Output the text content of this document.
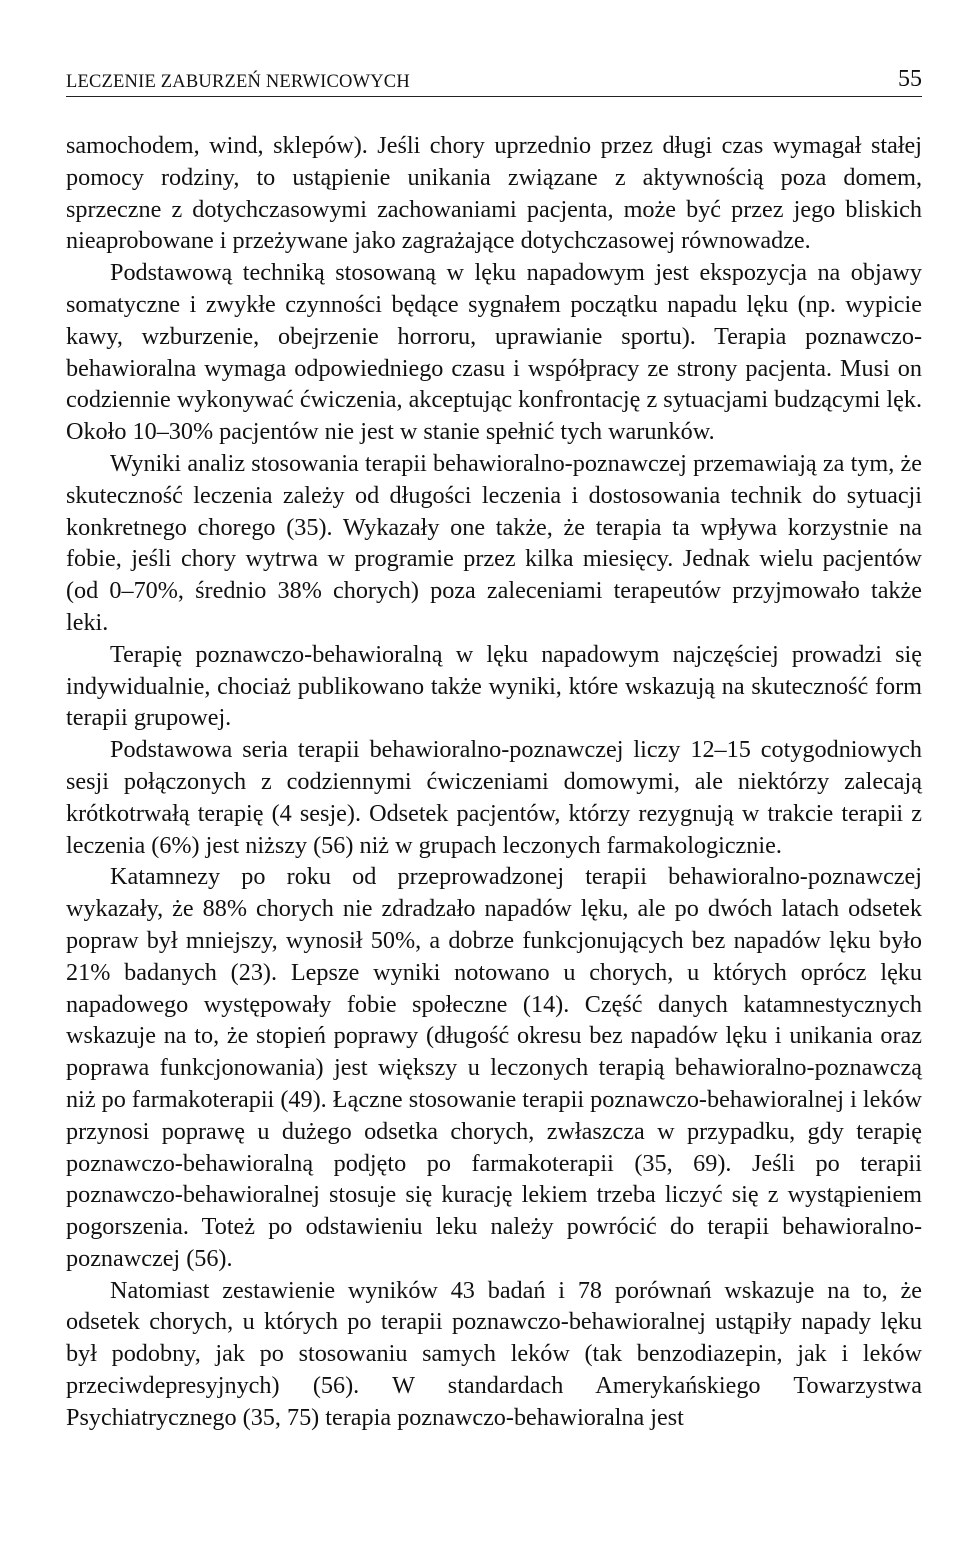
LECZENIE ZABURZEŃ NERWICOWYCH	55

samochodem, wind, sklepów). Jeśli chory uprzednio przez długi czas wymagał stałej pomocy rodziny, to ustąpienie unikania związane z aktywnością poza domem, sprzeczne z dotychczasowymi zachowaniami pacjenta, może być przez jego bliskich nieaprobowane i przeżywane jako zagrażające dotychczasowej równowadze.

Podstawową techniką stosowaną w lęku napadowym jest ekspozycja na objawy somatyczne i zwykłe czynności będące sygnałem początku napadu lęku (np. wypicie kawy, wzburzenie, obejrzenie horroru, uprawianie sportu). Terapia poznawczo-behawioralna wymaga odpowiedniego czasu i współpracy ze strony pacjenta. Musi on codziennie wykonywać ćwiczenia, akceptując konfrontację z sytuacjami budzącymi lęk. Około 10–30% pacjentów nie jest w stanie spełnić tych warunków.

Wyniki analiz stosowania terapii behawioralno-poznawczej przemawiają za tym, że skuteczność leczenia zależy od długości leczenia i dostosowania technik do sytuacji konkretnego chorego (35). Wykazały one także, że terapia ta wpływa korzystnie na fobie, jeśli chory wytrwa w programie przez kilka miesięcy. Jednak wielu pacjentów (od 0–70%, średnio 38% chorych) poza zaleceniami terapeutów przyjmowało także leki.

Terapię poznawczo-behawioralną w lęku napadowym najczęściej prowadzi się indywidualnie, chociaż publikowano także wyniki, które wskazują na skuteczność form terapii grupowej.

Podstawowa seria terapii behawioralno-poznawczej liczy 12–15 cotygodniowych sesji połączonych z codziennymi ćwiczeniami domowymi, ale niektórzy zalecają krótkotrwałą terapię (4 sesje). Odsetek pacjentów, którzy rezygnują w trakcie terapii z leczenia (6%) jest niższy (56) niż w grupach leczonych farmakologicznie.

Katamnezy po roku od przeprowadzonej terapii behawioralno-poznawczej wykazały, że 88% chorych nie zdradzało napadów lęku, ale po dwóch latach odsetek popraw był mniejszy, wynosił 50%, a dobrze funkcjonujących bez napadów lęku było 21% badanych (23). Lepsze wyniki notowano u chorych, u których oprócz lęku napadowego występowały fobie społeczne (14). Część danych katamnestycznych wskazuje na to, że stopień poprawy (długość okresu bez napadów lęku i unikania oraz poprawa funkcjonowania) jest większy u leczonych terapią behawioralno-poznawczą niż po farmakoterapii (49). Łączne stosowanie terapii poznawczo-behawioralnej i leków przynosi poprawę u dużego odsetka chorych, zwłaszcza w przypadku, gdy terapię poznawczo-behawioralną podjęto po farmakoterapii (35, 69). Jeśli po terapii poznawczo-behawioralnej stosuje się kurację lekiem trzeba liczyć się z wystąpieniem pogorszenia. Toteż po odstawieniu leku należy powrócić do terapii behawioralno-poznawczej (56).

Natomiast zestawienie wyników 43 badań i 78 porównań wskazuje na to, że odsetek chorych, u których po terapii poznawczo-behawioralnej ustąpiły napady lęku był podobny, jak po stosowaniu samych leków (tak benzodiazepin, jak i leków przeciwdepresyjnych) (56). W standardach Amerykańskiego Towarzystwa Psychiatrycznego (35, 75) terapia poznawczo-behawioralna jest
